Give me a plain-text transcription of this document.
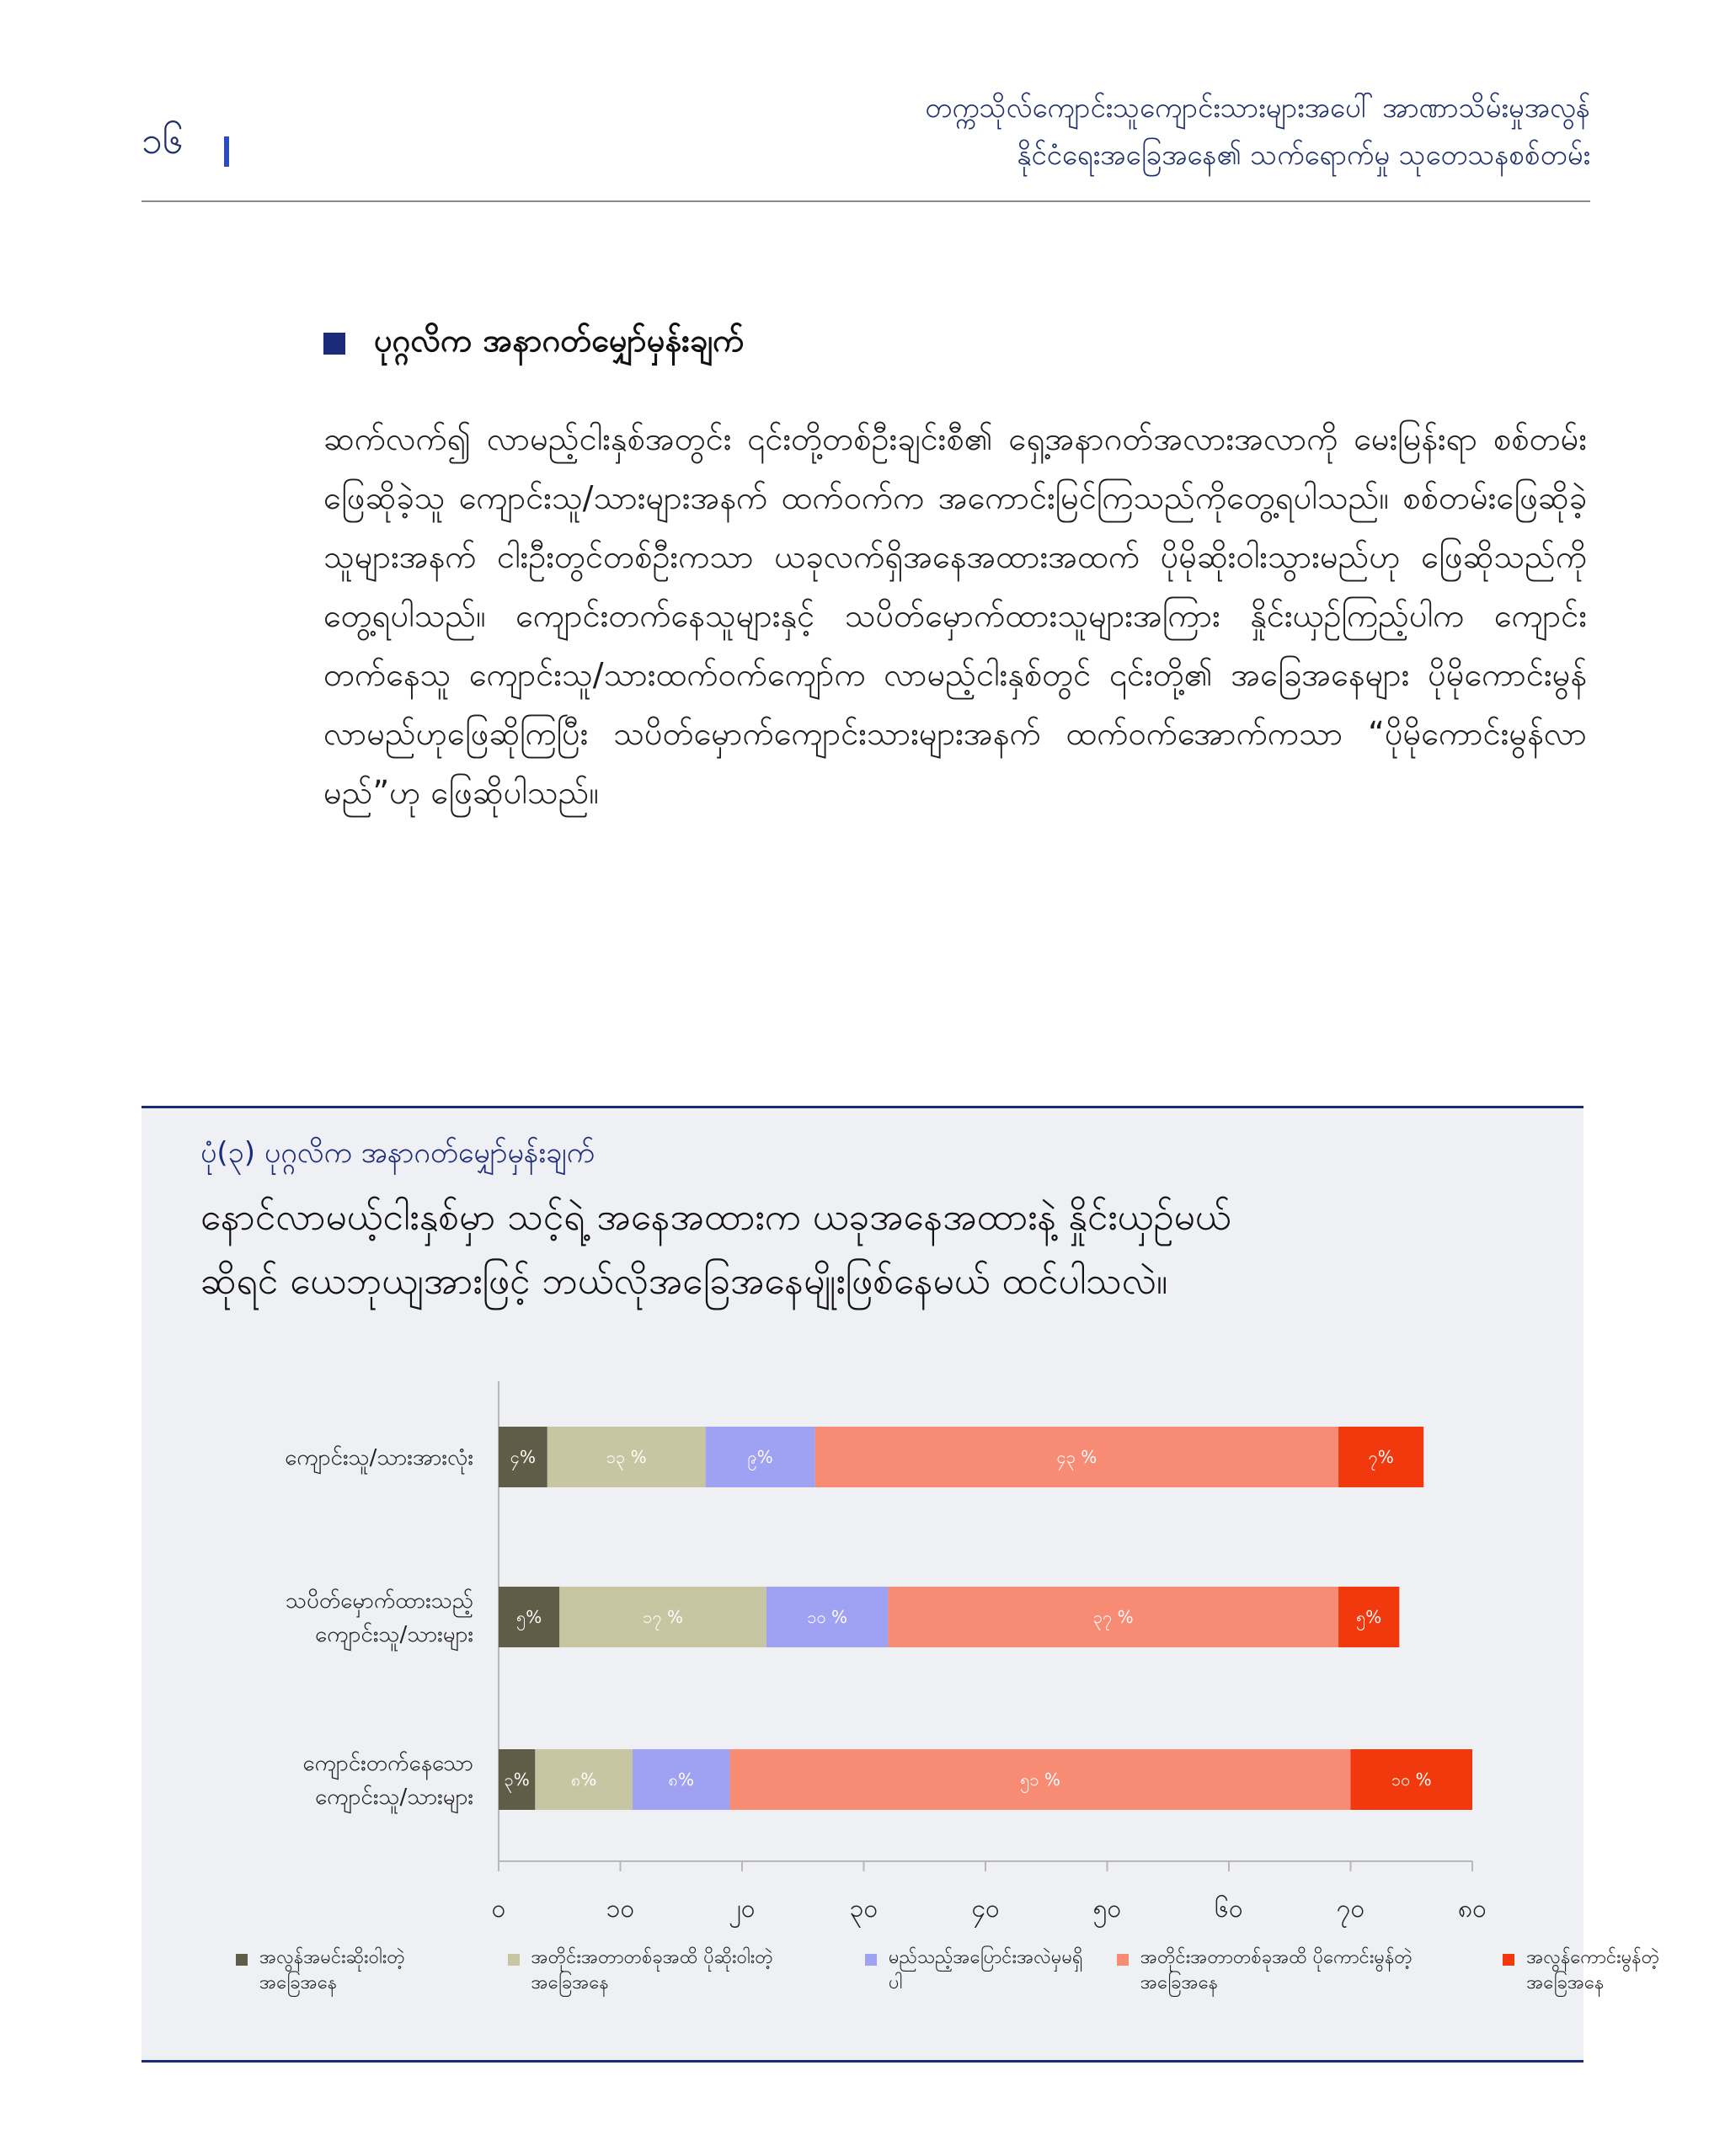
၁၆
တက္ကသိုလ်ကျောင်းသူကျောင်းသားများအပေါ် အာဏာသိမ်းမှုအလွန်
နိုင်ငံရေးအခြေအနေ၏ သက်ရောက်မှု သုတေသနစစ်တမ်း
ပုဂ္ဂလိက အနာဂတ်မျှော်မှန်းချက်
ဆက်လက်၍ လာမည့်ငါးနှစ်အတွင်း ၎င်းတို့တစ်ဦးချင်းစီ၏ ရှေ့အနာဂတ်အလားအလာကို မေးမြန်းရာ စစ်တမ်းဖြေဆိုခဲ့သူ ကျောင်းသူ/သားများအနက် ထက်ဝက်က အကောင်းမြင်ကြသည်ကိုတွေ့ရပါသည်။ စစ်တမ်းဖြေဆိုခဲ့သူများအနက် ငါးဦးတွင်တစ်ဦးကသာ ယခုလက်ရှိအနေအထားအထက် ပိုမိုဆိုးဝါးသွားမည်ဟု ဖြေဆိုသည်ကို တွေ့ရပါသည်။ ကျောင်းတက်နေသူများနှင့် သပိတ်မှောက်ထားသူများအကြား နှိုင်းယှဉ်ကြည့်ပါက ကျောင်းတက်နေသူ ကျောင်းသူ/သားထက်ဝက်ကျော်က လာမည့်ငါးနှစ်တွင် ၎င်းတို့၏ အခြေအနေများ ပိုမိုကောင်းမွန်လာမည်ဟုဖြေဆိုကြပြီး သပိတ်မှောက်ကျောင်းသားများအနက် ထက်ဝက်အောက်ကသာ “ပိုမိုကောင်းမွန်လာမည်”ဟု ဖြေဆိုပါသည်။
ပုံ(၃) ပုဂ္ဂလိက အနာဂတ်မျှော်မှန်းချက်
နောင်လာမယ့်ငါးနှစ်မှာ သင့်ရဲ့ အနေအထားက ယခုအနေအထားနဲ့ နှိုင်းယှဉ်မယ်
ဆိုရင် ယေဘုယျအားဖြင့် ဘယ်လိုအခြေအနေမျိုးဖြစ်နေမယ် ထင်ပါသလဲ။
၀	၁၀	၂၀	၃၀	၄၀	၅၀	၆၀	၇၀	၈၀
၄%	၁၃ %	၉%	၄၃ %	၇%
ကျောင်းသူ/သားအားလုံး
၅%	၁၇ %	၁၀ %	၃၇ %	၅%
သပိတ်မှောက်ထားသည့်
ကျောင်းသူ/သားများ
၃% ၈%	၈%	၅၁ %	၁၀ %
ကျောင်းတက်နေသော
ကျောင်းသူ/သားများ
အလွန်အမင်းဆိုးဝါးတဲ့ အခြေအနေ
အတိုင်းအတာတစ်ခုအထိ ပိုဆိုးဝါးတဲ့အခြေအနေ
မည်သည့်အပြောင်းအလဲမှမရှိပါ
အတိုင်းအတာတစ်ခုအထိ ပိုကောင်းမွန်တဲ့အခြေအနေ
အလွန်ကောင်းမွန်တဲ့အခြေအနေ
